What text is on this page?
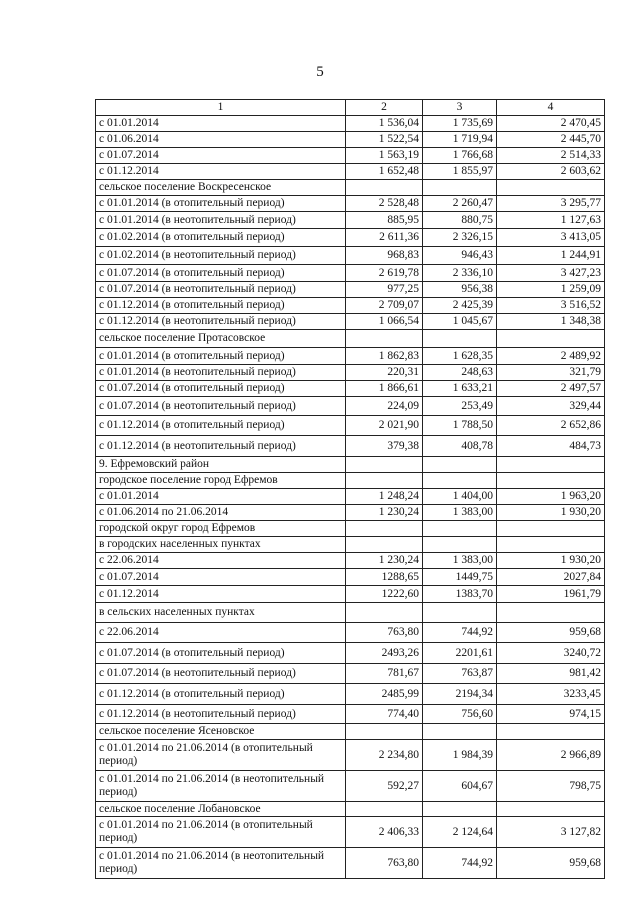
5
1	2	3	4
с 01.01.2014	1 536,04	1 735,69	2 470,45
с 01.06.2014	1 522,54	1 719,94	2 445,70
с 01.07.2014	1 563,19	1 766,68	2 514,33
с 01.12.2014	1 652,48	1 855,97	2 603,62
сельское поселение Воскресенское			
с 01.01.2014 (в отопительный период)	2 528,48	2 260,47	3 295,77
с 01.01.2014 (в неотопительный период)	885,95	880,75	1 127,63
с 01.02.2014 (в отопительный период)	2 611,36	2 326,15	3 413,05
с 01.02.2014 (в неотопительный период)	968,83	946,43	1 244,91
с 01.07.2014 (в отопительный период)	2 619,78	2 336,10	3 427,23
с 01.07.2014 (в неотопительный период)	977,25	956,38	1 259,09
с 01.12.2014 (в отопительный период)	2 709,07	2 425,39	3 516,52
с 01.12.2014 (в неотопительный период)	1 066,54	1 045,67	1 348,38
сельское поселение Протасовское			
с 01.01.2014 (в отопительный период)	1 862,83	1 628,35	2 489,92
с 01.01.2014 (в неотопительный период)	220,31	248,63	321,79
с 01.07.2014 (в отопительный период)	1 866,61	1 633,21	2 497,57
с 01.07.2014 (в неотопительный период)	224,09	253,49	329,44
с 01.12.2014 (в отопительный период)	2 021,90	1 788,50	2 652,86
с 01.12.2014 (в неотопительный период)	379,38	408,78	484,73
9. Ефремовский район			
городское поселение город Ефремов			
с 01.01.2014	1 248,24	1 404,00	1 963,20
с 01.06.2014 по 21.06.2014	1 230,24	1 383,00	1 930,20
городской округ город Ефремов			
в городских населенных пунктах			
с 22.06.2014	1 230,24	1 383,00	1 930,20
с 01.07.2014	1288,65	1449,75	2027,84
с 01.12.2014	1222,60	1383,70	1961,79
в сельских населенных пунктах			
с 22.06.2014	763,80	744,92	959,68
с 01.07.2014 (в отопительный период)	2493,26	2201,61	3240,72
с 01.07.2014 (в неотопительный период)	781,67	763,87	981,42
с 01.12.2014 (в отопительный период)	2485,99	2194,34	3233,45
с 01.12.2014 (в неотопительный период)	774,40	756,60	974,15
сельское поселение Ясеновское			
с 01.01.2014 по 21.06.2014 (в отопительный период)	2 234,80	1 984,39	2 966,89
с 01.01.2014 по 21.06.2014 (в неотопительный период)	592,27	604,67	798,75
сельское поселение Лобановское			
с 01.01.2014 по 21.06.2014 (в отопительный период)	2 406,33	2 124,64	3 127,82
с 01.01.2014 по 21.06.2014 (в неотопительный период)	763,80	744,92	959,68
